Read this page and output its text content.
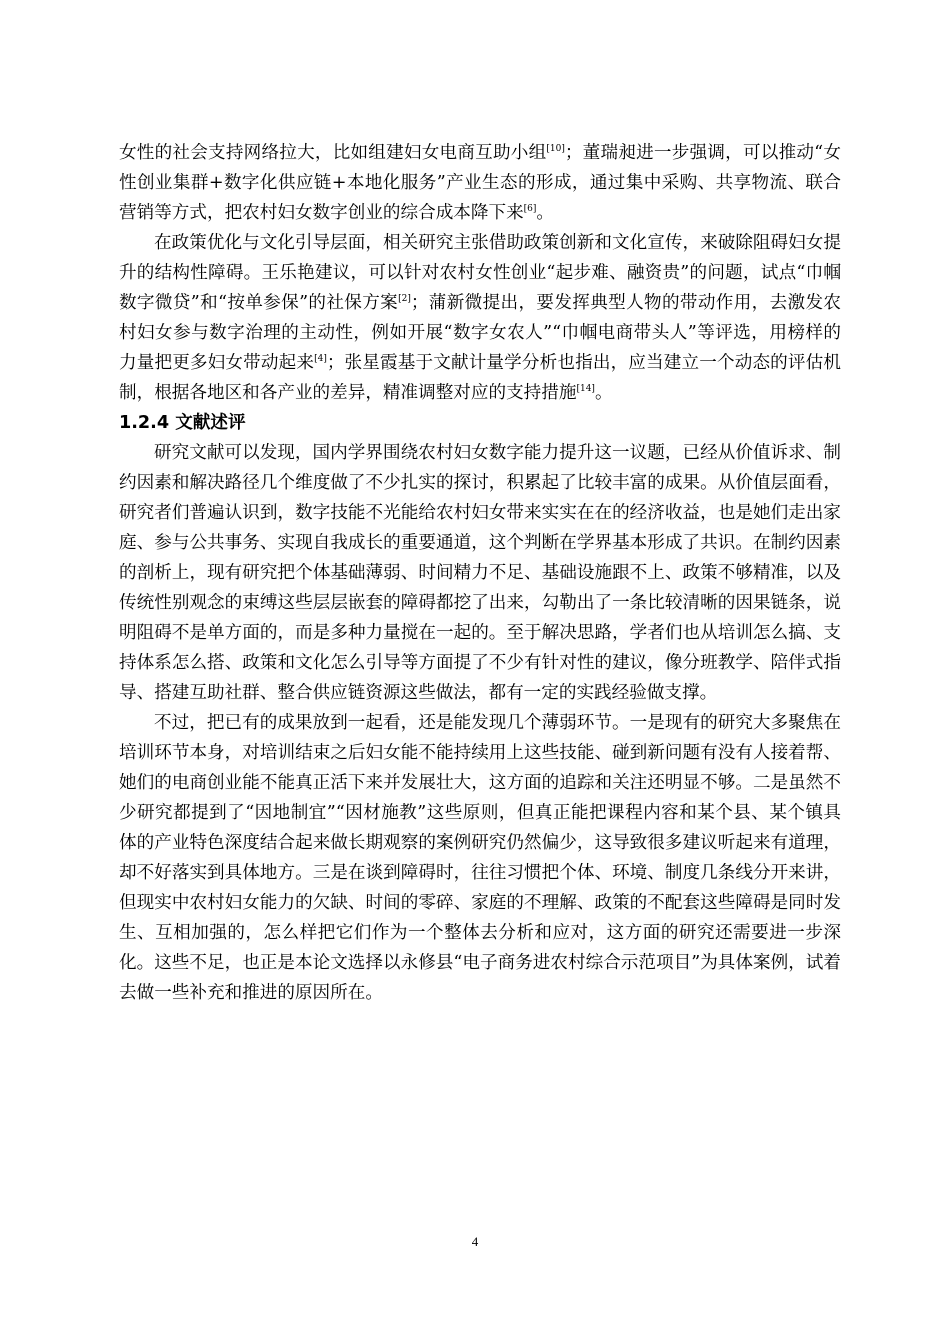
女性的社会支持网络拉大，比如组建妇女电商互助小组[10]；董瑞昶进一步强调，可以推动“女性创业集群+数字化供应链+本地化服务”产业生态的形成，通过集中采购、共享物流、联合营销等方式，把农村妇女数字创业的综合成本降下来[6]。

在政策优化与文化引导层面，相关研究主张借助政策创新和文化宣传，来破除阻碍妇女提升的结构性障碍。王乐艳建议，可以针对农村女性创业“起步难、融资贵”的问题，试点“巾帼数字微贷”和“按单参保”的社保方案[2]；蒲新微提出，要发挥典型人物的带动作用，去激发农村妇女参与数字治理的主动性，例如开展“数字女农人”“巾帼电商带头人”等评选，用榜样的力量把更多妇女带动起来[4]；张星霞基于文献计量学分析也指出，应当建立一个动态的评估机制，根据各地区和各产业的差异，精准调整对应的支持措施[14]。

1.2.4 文献述评

研究文献可以发现，国内学界围绕农村妇女数字能力提升这一议题，已经从价值诉求、制约因素和解决路径几个维度做了不少扎实的探讨，积累起了比较丰富的成果。从价值层面看，研究者们普遍认识到，数字技能不光能给农村妇女带来实实在在的经济收益，也是她们走出家庭、参与公共事务、实现自我成长的重要通道，这个判断在学界基本形成了共识。在制约因素的剖析上，现有研究把个体基础薄弱、时间精力不足、基础设施跟不上、政策不够精准，以及传统性别观念的束缚这些层层嵌套的障碍都挖了出来，勾勒出了一条比较清晰的因果链条，说明阻碍不是单方面的，而是多种力量搅在一起的。至于解决思路，学者们也从培训怎么搞、支持体系怎么搭、政策和文化怎么引导等方面提了不少有针对性的建议，像分班教学、陪伴式指导、搭建互助社群、整合供应链资源这些做法，都有一定的实践经验做支撑。

不过，把已有的成果放到一起看，还是能发现几个薄弱环节。一是现有的研究大多聚焦在培训环节本身，对培训结束之后妇女能不能持续用上这些技能、碰到新问题有没有人接着帮、她们的电商创业能不能真正活下来并发展壮大，这方面的追踪和关注还明显不够。二是虽然不少研究都提到了“因地制宜”“因材施教”这些原则，但真正能把课程内容和某个县、某个镇具体的产业特色深度结合起来做长期观察的案例研究仍然偏少，这导致很多建议听起来有道理，却不好落实到具体地方。三是在谈到障碍时，往往习惯把个体、环境、制度几条线分开来讲，但现实中农村妇女能力的欠缺、时间的零碎、家庭的不理解、政策的不配套这些障碍是同时发生、互相加强的，怎么样把它们作为一个整体去分析和应对，这方面的研究还需要进一步深化。这些不足，也正是本论文选择以永修县“电子商务进农村综合示范项目”为具体案例，试着去做一些补充和推进的原因所在。

4
